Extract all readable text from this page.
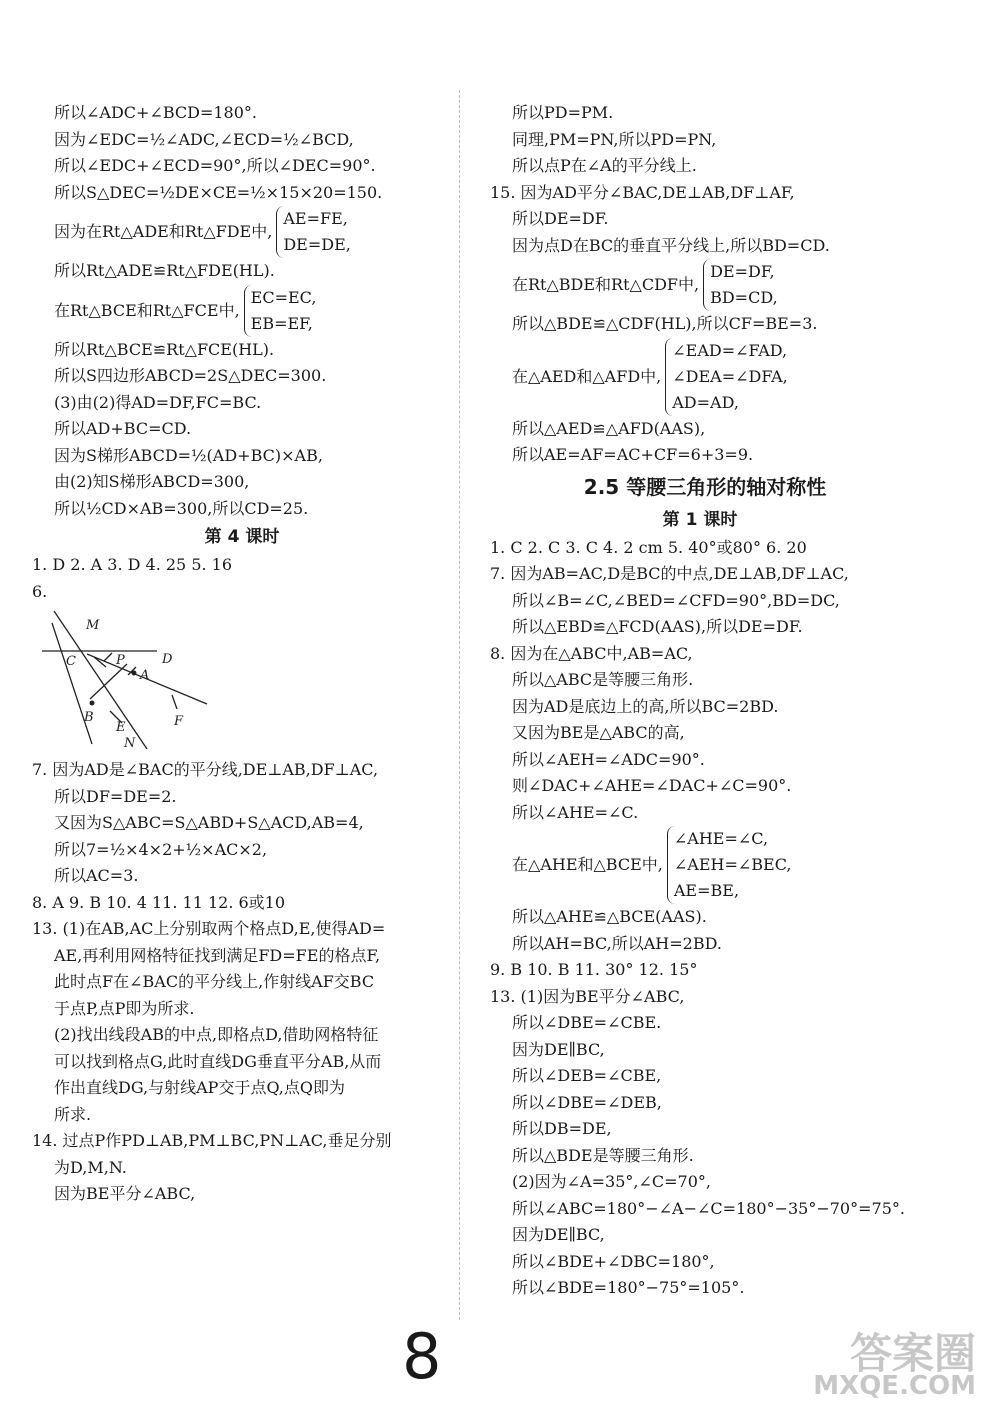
所以∠ADC+∠BCD=180°.
因为∠EDC=½∠ADC,∠ECD=½∠BCD,
所以∠EDC+∠ECD=90°,所以∠DEC=90°.
所以S△DEC=½DE×CE=½×15×20=150.
因为在Rt△ADE和Rt△FDE中,
AE=FE,
DE=DE,
所以Rt△ADE≌Rt△FDE(HL).
在Rt△BCE和Rt△FCE中,
EC=EC,
EB=EF,
所以Rt△BCE≌Rt△FCE(HL).
所以S四边形ABCD=2S△DEC=300.
(3)由(2)得AD=DF,FC=BC.
所以AD+BC=CD.
因为S梯形ABCD=½(AD+BC)×AB,
由(2)知S梯形ABCD=300,
所以½CD×AB=300,所以CD=25.
第 4 课时
1. D 2. A 3. D 4. 25 5. 16
6.
M
C	P	D
A
B
E	F
N
7. 因为AD是∠BAC的平分线,DE⊥AB,DF⊥AC,
所以DF=DE=2.
又因为S△ABC=S△ABD+S△ACD,AB=4,
所以7=½×4×2+½×AC×2,
所以AC=3.
8. A 9. B 10. 4 11. 11 12. 6或10
13. (1)在AB,AC上分别取两个格点D,E,使得AD=
AE,再利用网格特征找到满足FD=FE的格点F,
此时点F在∠BAC的平分线上,作射线AF交BC
于点P,点P即为所求.
(2)找出线段AB的中点,即格点D,借助网格特征
可以找到格点G,此时直线DG垂直平分AB,从而
作出直线DG,与射线AP交于点Q,点Q即为
所求.
14. 过点P作PD⊥AB,PM⊥BC,PN⊥AC,垂足分别
为D,M,N.
因为BE平分∠ABC,
所以PD=PM.
同理,PM=PN,所以PD=PN,
所以点P在∠A的平分线上.
15. 因为AD平分∠BAC,DE⊥AB,DF⊥AF,
所以DE=DF.
因为点D在BC的垂直平分线上,所以BD=CD.
在Rt△BDE和Rt△CDF中,
DE=DF,
BD=CD,
所以△BDE≌△CDF(HL),所以CF=BE=3.
在△AED和△AFD中,
∠EAD=∠FAD,
∠DEA=∠DFA,
AD=AD,
所以△AED≌△AFD(AAS),
所以AE=AF=AC+CF=6+3=9.
2.5 等腰三角形的轴对称性
第 1 课时
1. C 2. C 3. C 4. 2 cm 5. 40°或80° 6. 20
7. 因为AB=AC,D是BC的中点,DE⊥AB,DF⊥AC,
所以∠B=∠C,∠BED=∠CFD=90°,BD=DC,
所以△EBD≌△FCD(AAS),所以DE=DF.
8. 因为在△ABC中,AB=AC,
所以△ABC是等腰三角形.
因为AD是底边上的高,所以BC=2BD.
又因为BE是△ABC的高,
所以∠AEH=∠ADC=90°.
则∠DAC+∠AHE=∠DAC+∠C=90°.
所以∠AHE=∠C.
在△AHE和△BCE中,
∠AHE=∠C,
∠AEH=∠BEC,
AE=BE,
所以△AHE≌△BCE(AAS).
所以AH=BC,所以AH=2BD.
9. B 10. B 11. 30° 12. 15°
13. (1)因为BE平分∠ABC,
所以∠DBE=∠CBE.
因为DE∥BC,
所以∠DEB=∠CBE,
所以∠DBE=∠DEB,
所以DB=DE,
所以△BDE是等腰三角形.
(2)因为∠A=35°,∠C=70°,
所以∠ABC=180°−∠A−∠C=180°−35°−70°=75°.
因为DE∥BC,
所以∠BDE+∠DBC=180°,
所以∠BDE=180°−75°=105°.
8	答案圈
MXQE.COM
